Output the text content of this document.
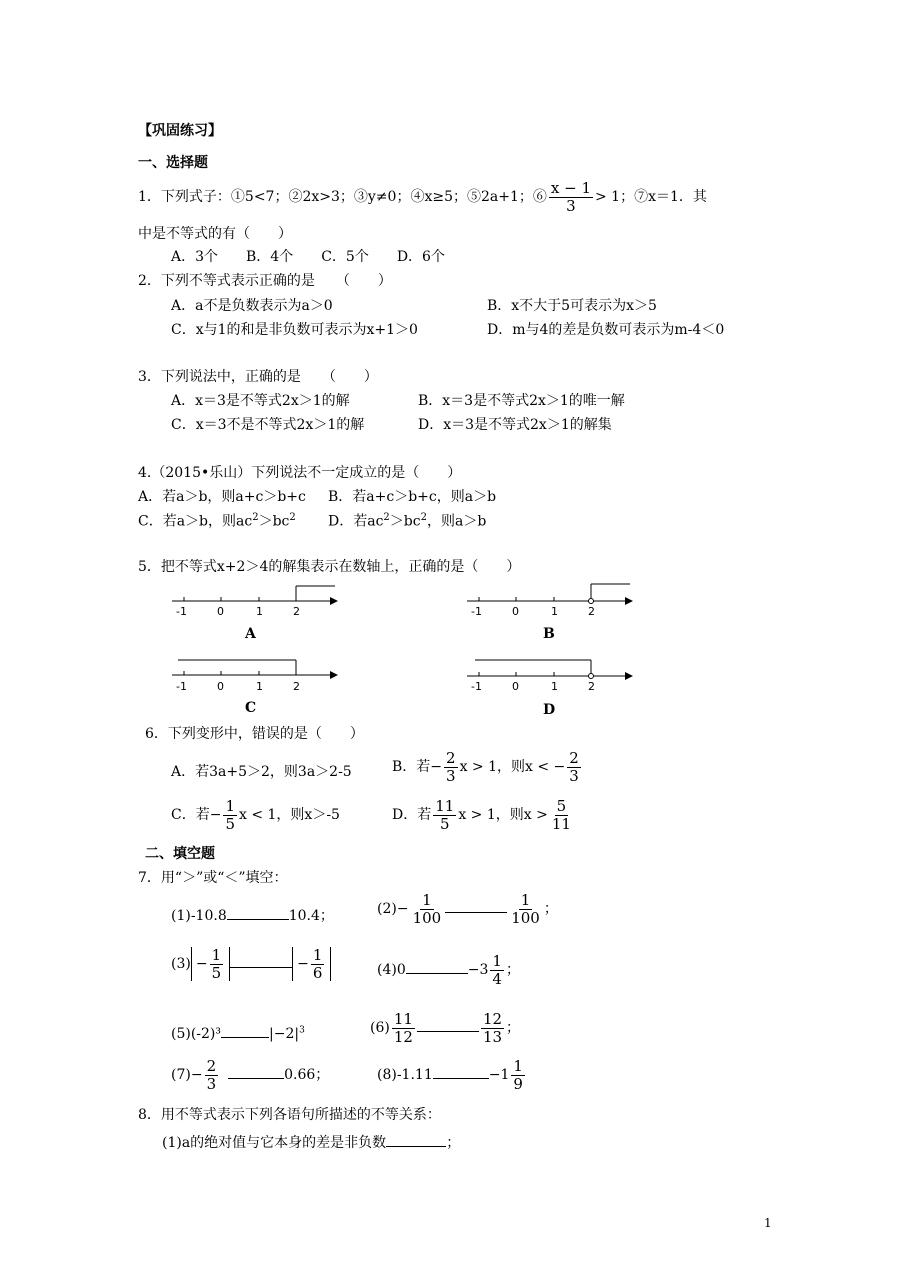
【巩固练习】
一、选择题
1．下列式子：①5<7；②2x>3；③y≠0；④x≥5；⑤2a+1；⑥ $\frac{x - 1}{3} > 1$；⑦x＝1．其
中是不等式的有（　　）
A．3个　　B．4个　　C．5个　　D．6个
2．下列不等式表示正确的是　　（　　）
A．a不是负数表示为a＞0	B．x不大于5可表示为x＞5
C．x与1的和是非负数可表示为x+1＞0	D．m与4的差是负数可表示为m-4＜0
3．下列说法中，正确的是　　（　　）
A．x＝3是不等式2x＞1的解	B．x＝3是不等式2x＞1的唯一解
C．x＝3不是不等式2x＞1的解	D．x＝3是不等式2x＞1的解集
4.（2015•乐山）下列说法不一定成立的是（　　）
A．若a＞b，则a+c＞b+c B．若a+c＞b+c，则a＞b
C．若a＞b，则$ac^2>bc^2$ D．若$ac^2>bc^2$，则a＞b
5．把不等式x+2＞4的解集表示在数轴上，正确的是（　　）
-1	0	1	2
A
-1	0	1	2
B
-1	0	1	2
C
-1	0	1	2
D
6．下列变形中，错误的是（　　）
A．若3a+5＞2，则3a＞2-5	B．若− $\frac{2}{3}$ x > 1，则x < − $\frac{2}{3}$
C．若− $\frac{1}{5}$ x < 1，则x＞-5	D．若 $\frac{11}{5}$ x > 1，则$x > \frac{5}{11}$
二、填空题
7．用“＞”或“＜”填空：
(1)-10.8	10.4；	$(2)- \frac{1}{100}$	$\frac{1}{100}$ ；
$(3) - \frac{1}{5}$	− $\frac{1}{6}$	(4)0	$-3 \frac{1}{4}$ ；
(5)(-2)³	$|-2|^3$	$(6) \frac{11}{12}$	$\frac{12}{13}$ ；
$(7)- \frac{2}{3}$	0.66；	(8)-1.11	$-1 \frac{1}{9}$
8．用不等式表示下列各语句所描述的不等关系：
(1)a的绝对值与它本身的差是非负数	；
1
